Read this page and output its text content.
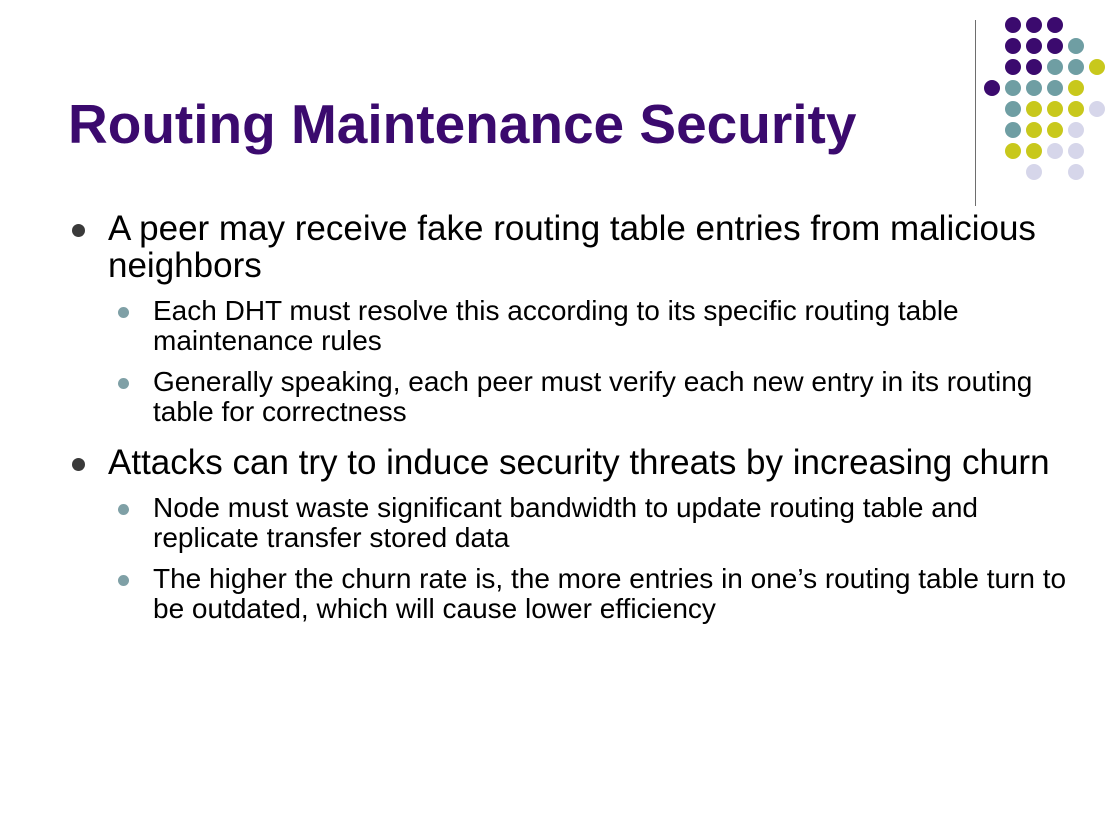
Routing Maintenance Security
A peer may receive fake routing table entries from malicious neighbors
Each DHT must resolve this according to its specific routing table maintenance rules
Generally speaking, each peer must verify each new entry in its routing table for correctness
Attacks can try to induce security threats by increasing churn
Node must waste significant bandwidth to update routing table and replicate transfer stored data
The higher the churn rate is, the more entries in one’s routing table turn to be outdated, which will cause lower efficiency
